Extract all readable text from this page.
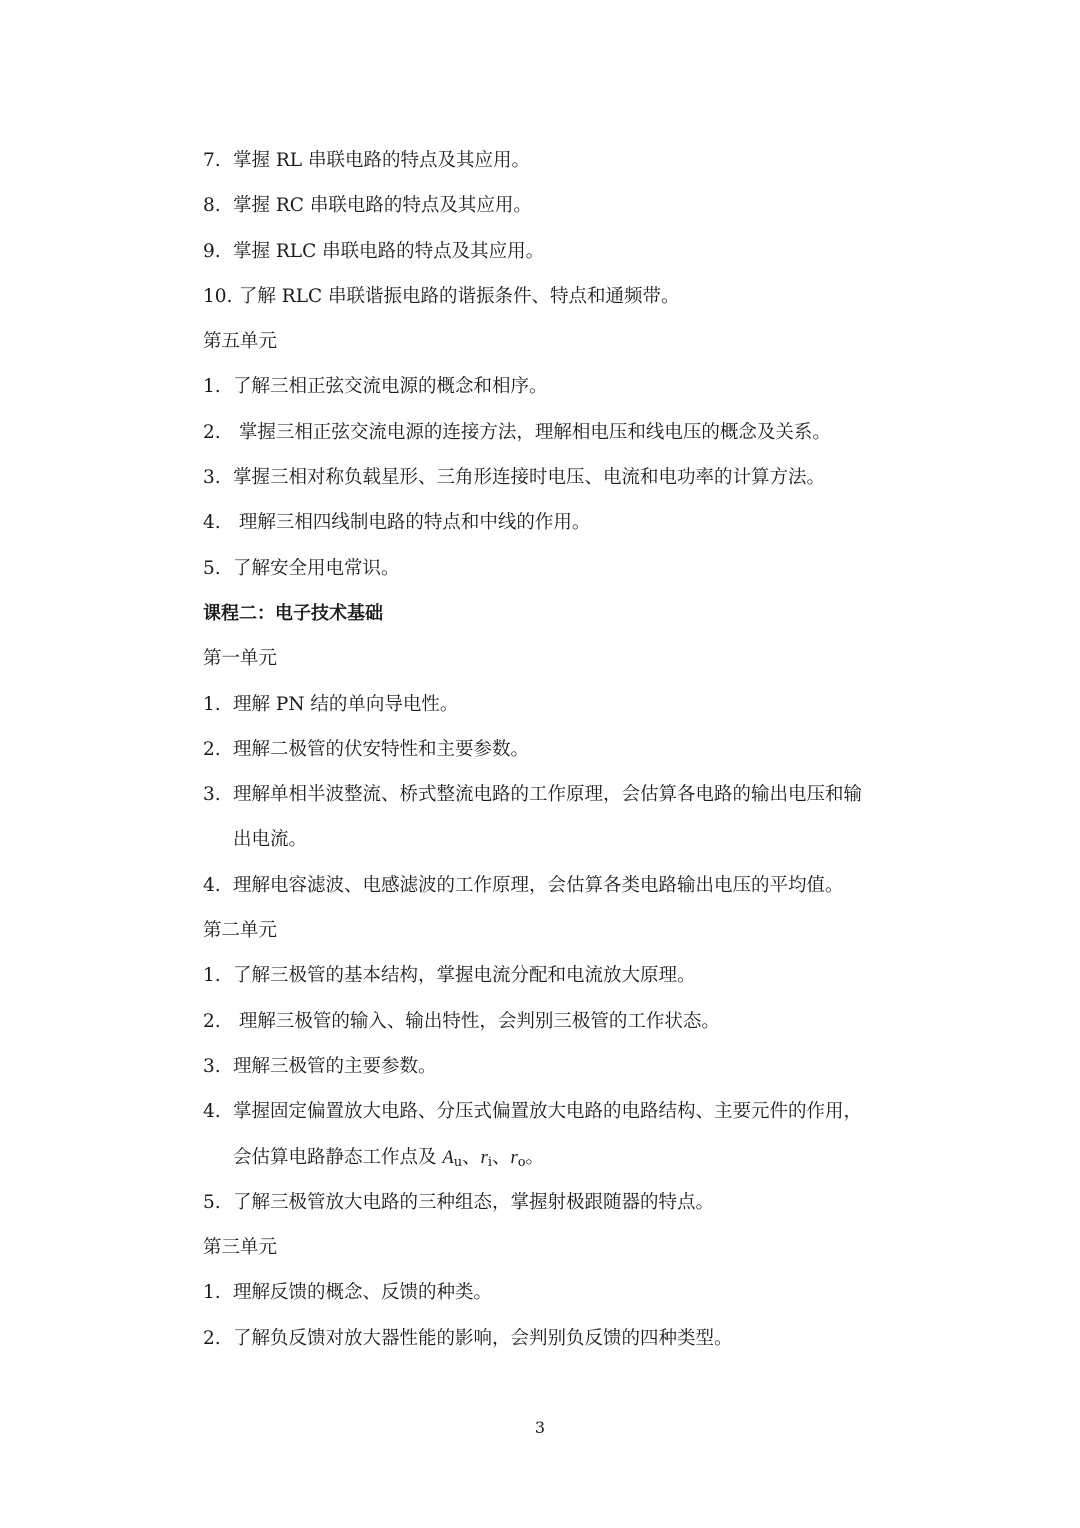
7. 掌握 RL 串联电路的特点及其应用。
8. 掌握 RC 串联电路的特点及其应用。
9. 掌握 RLC 串联电路的特点及其应用。
10. 了解 RLC 串联谐振电路的谐振条件、特点和通频带。
第五单元
1. 了解三相正弦交流电源的概念和相序。
2. 掌握三相正弦交流电源的连接方法，理解相电压和线电压的概念及关系。
3. 掌握三相对称负载星形、三角形连接时电压、电流和电功率的计算方法。
4. 理解三相四线制电路的特点和中线的作用。
5. 了解安全用电常识。
课程二：电子技术基础
第一单元
1. 理解 PN 结的单向导电性。
2. 理解二极管的伏安特性和主要参数。
3. 理解单相半波整流、桥式整流电路的工作原理，会估算各电路的输出电压和输
出电流。
4. 理解电容滤波、电感滤波的工作原理，会估算各类电路输出电压的平均值。
第二单元
1. 了解三极管的基本结构，掌握电流分配和电流放大原理。
2. 理解三极管的输入、输出特性，会判别三极管的工作状态。
3. 理解三极管的主要参数。
4. 掌握固定偏置放大电路、分压式偏置放大电路的电路结构、主要元件的作用，
会估算电路静态工作点及 $A_u$、$r_i$、$r_o$。
5. 了解三极管放大电路的三种组态，掌握射极跟随器的特点。
第三单元
1. 理解反馈的概念、反馈的种类。
2. 了解负反馈对放大器性能的影响，会判别负反馈的四种类型。
3
